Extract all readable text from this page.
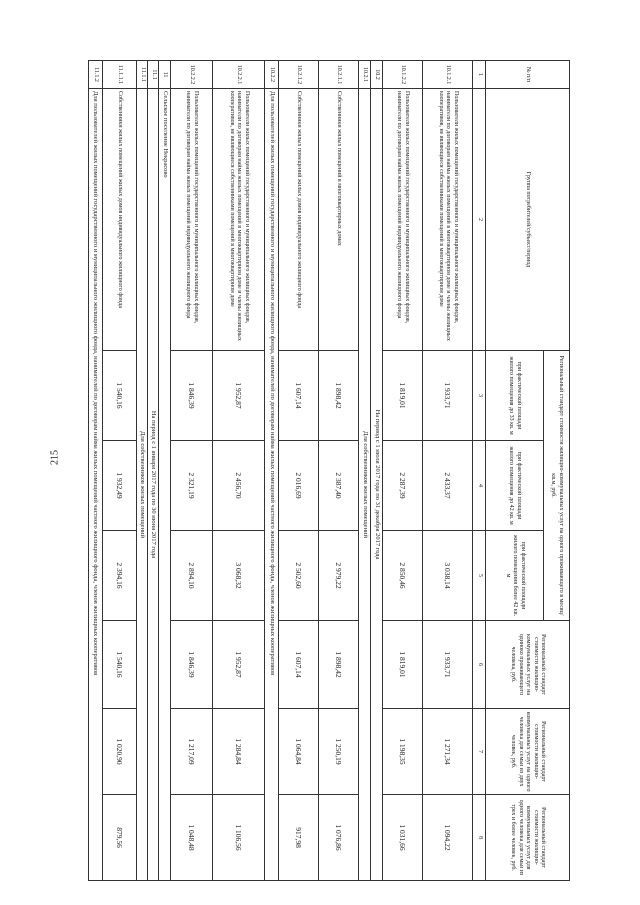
215
№ п/п	Группа потребителей/субъект/период	Региональный стандарт стоимости жилищно-коммунальных услуг на одного проживающего в месяц/кв.м, руб.			Региональный стандарт стоимости жилищно-коммунальных услуг на одиноко проживающего человека, руб.	Региональный стандарт стоимости жилищно-коммунальных услуг на одного человека для семьи из двух человек, руб.	Региональный стандарт стоимости жилищно-коммунальных услуг для одного человека для семьи из трех и более человек, руб.
		при фактической площади жилого помещения до 33 кв. м	при фактической площади жилого помещения до 42 кв. м	при фактической площади жилого помещения более 42 кв. м			
1	2	3	4	5	6	7	8
10.1.2.1	Пользователи жилых помещений государственного и муниципального жилищных фондов, наниматели по договорам найма жилых помещений в многоквартирном доме и члены жилищных кооперативов, не являющиеся собственниками помещений в многоквартирном доме	1 933,71	2 433,37	3 038,14	1 933,71	1 271,34	1 094,22
10.1.2.2	Пользователи жилых помещений государственного и муниципального жилищных фондов, наниматели по договорам найма жилых помещений индивидуального жилищного фонда	1 819,01	2 287,39	2 850,46	1 819,01	1 198,35	1 031,66
10.2	На период с 1 июля 2017 года по 31 декабря 2017 года						
10.2.1	Для собственников жилых помещений						
10.2.1.1	Собственники жилых помещений в многоквартирных домах	1 898,42	2 387,40	2 979,22	1 898,42	1 250,19	1 076,86
10.2.1.2	Собственники жилых помещений жилых домов индивидуального жилищного фонда	1 607,14	2 016,69	2 502,60	1 607,14	1 064,84	917,98
10.2.2	Для пользователей жилых помещений государственного и муниципального жилищного фонда, нанимателей по договорам найма жилых помещений частного жилищного фонда, членов жилищных кооперативов						
10.2.2.1	Пользователи жилых помещений государственного и муниципального жилищных фондов, наниматели по договорам найма жилых помещений в многоквартирном доме и члены жилищных кооперативов, не являющиеся собственниками помещений в многоквартирном доме	1 952,87	2 456,70	3 068,32	1 952,87	1 284,84	1 106,56
10.2.2.2	Пользователи жилых помещений государственного и муниципального жилищных фондов, наниматели по договорам найма жилых помещений индивидуального жилищного фонда	1 846,39	2 321,19	2 894,10	1 846,39	1 217,09	1 048,48
11	Сельское поселение Некрасово						
11.1	На период с 1 января 2017 года по 30 июня 2017 года						
11.1.1	Для собственников жилых помещений						
11.1.1.1	Собственники жилых помещений жилых домов индивидуального жилищного фонда	1 540,16	1 932,49	2 394,16	1 540,16	1 020,90	879,56
11.1.2	Для пользователей жилых помещений государственного и муниципального жилищного фонда, нанимателей по договорам найма жилых помещений частного жилищного фонда, членов жилищных кооперативов						
